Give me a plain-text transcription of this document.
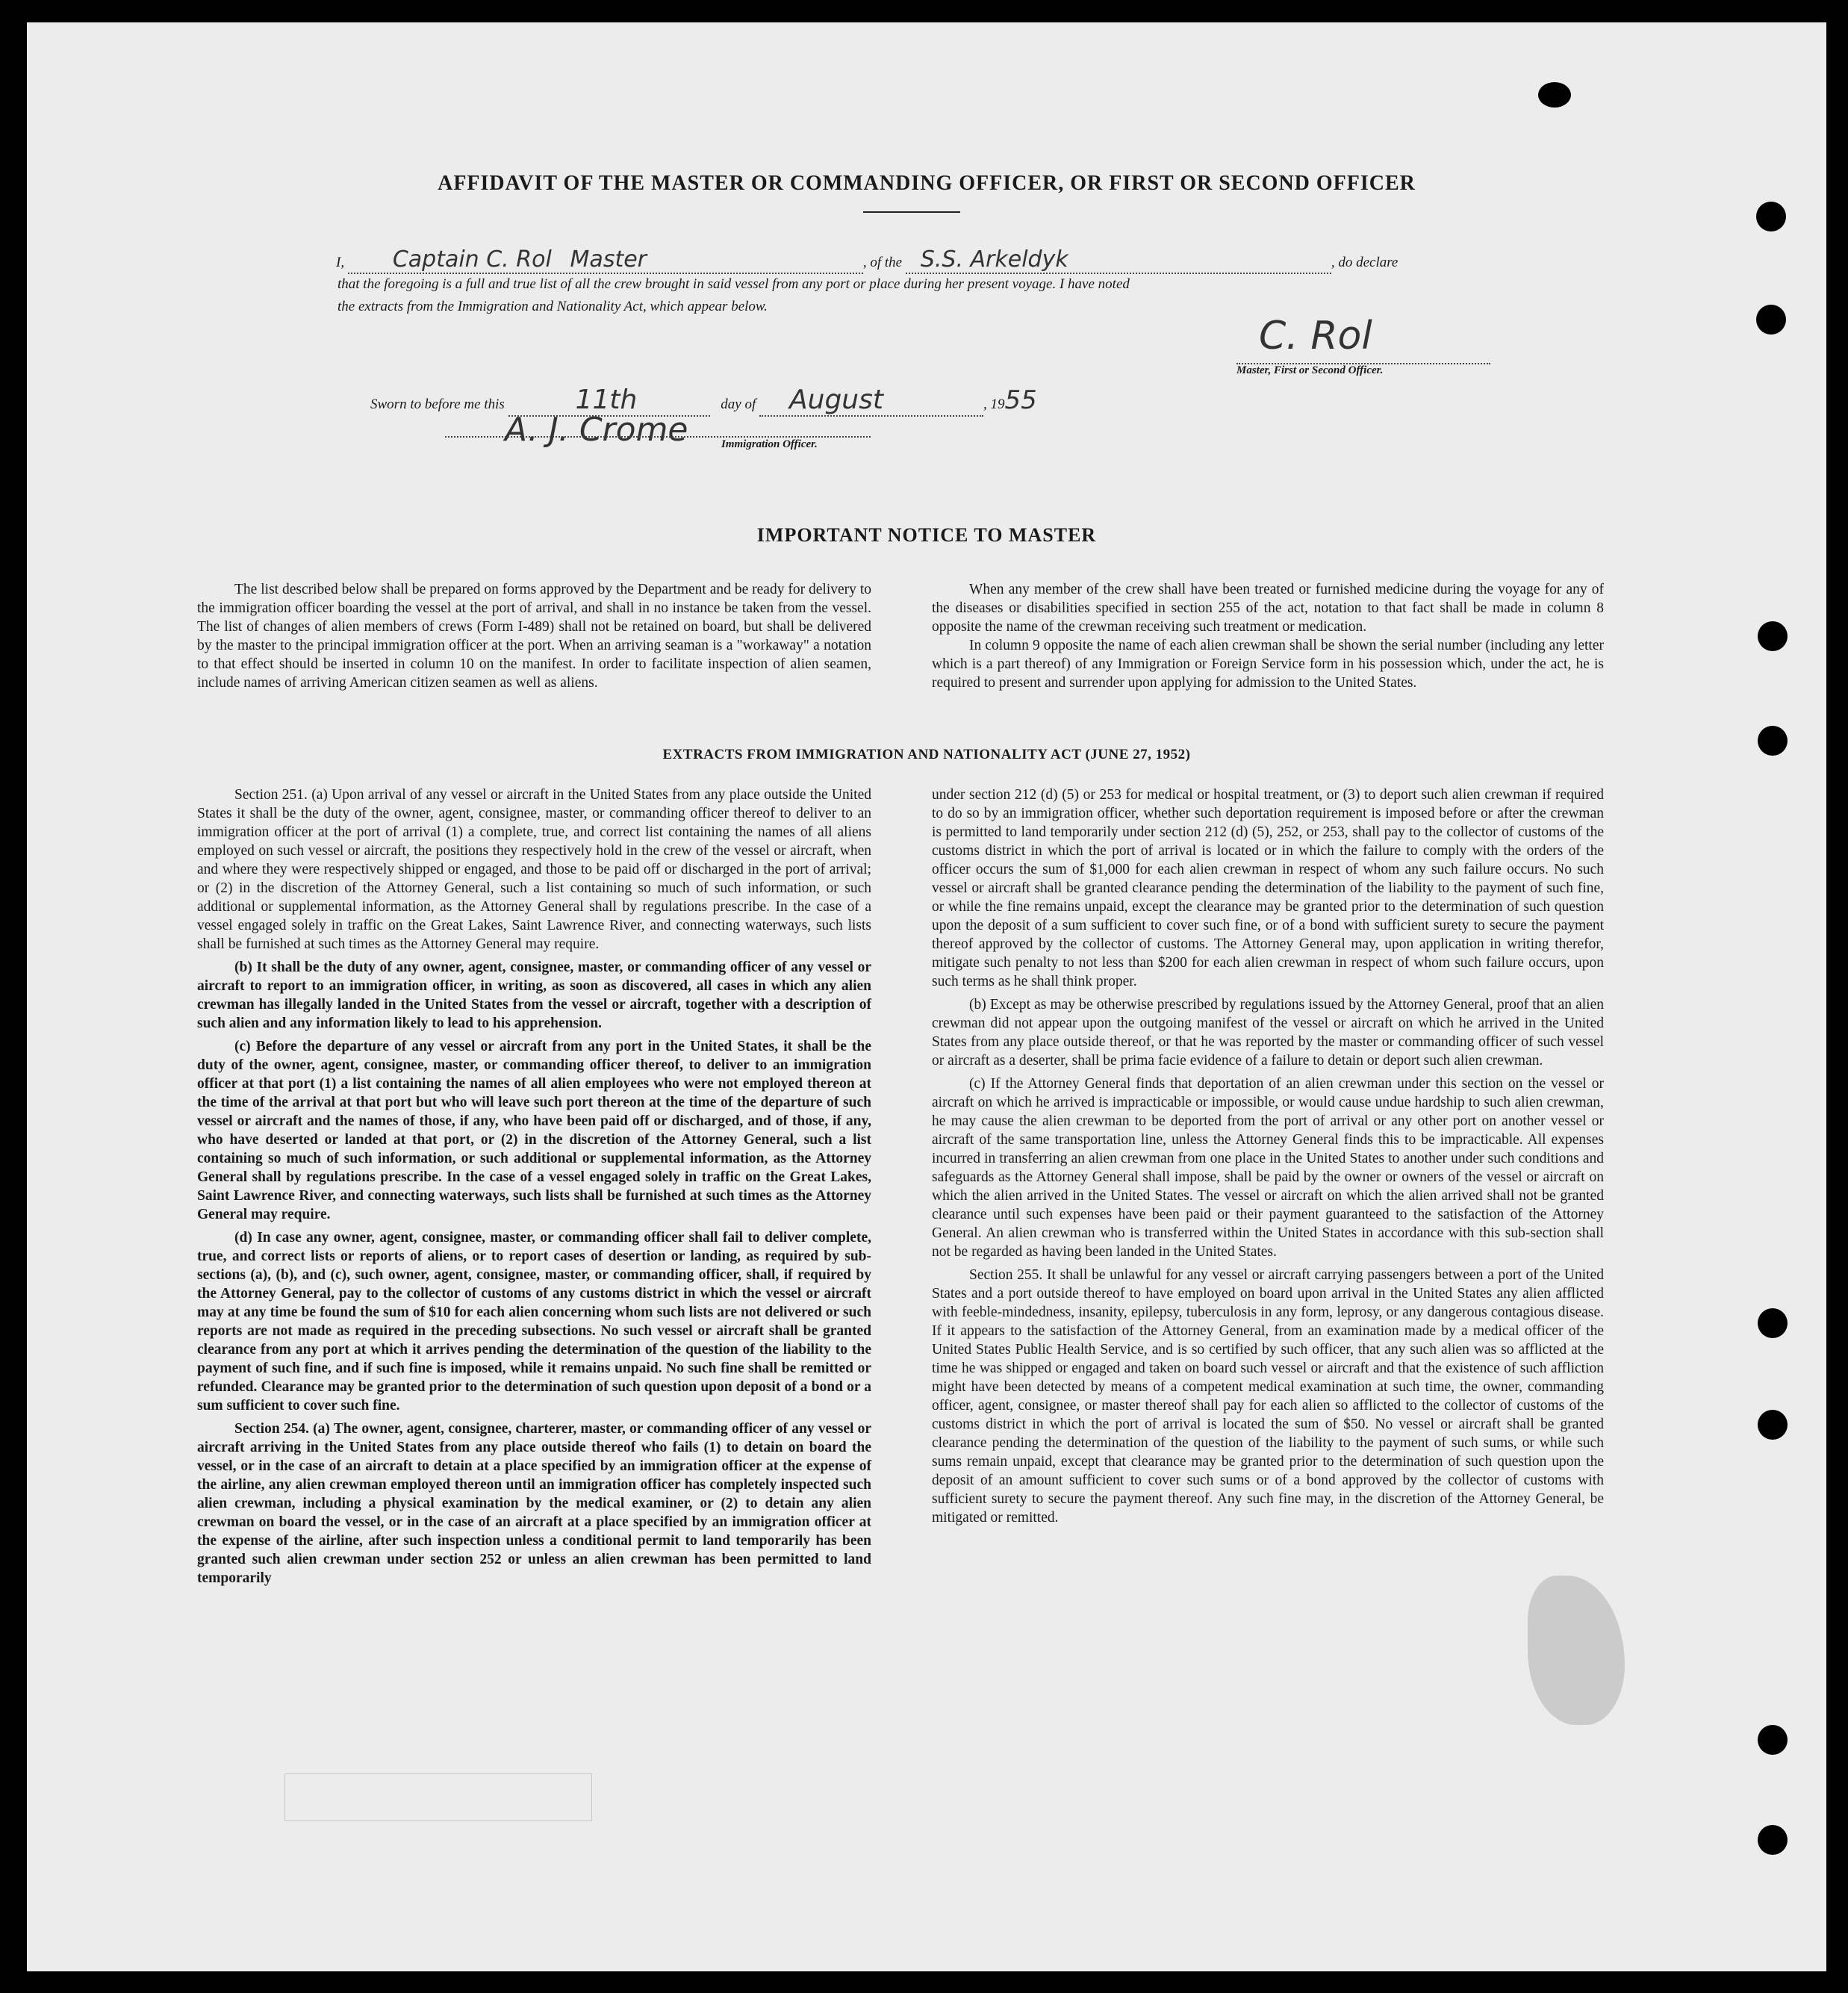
AFFIDAVIT OF THE MASTER OR COMMANDING OFFICER, OR FIRST OR SECOND OFFICER
I, Captain C. Rol Master	, of the S.S. Arkeldyk	, do declare
that the foregoing is a full and true list of all the crew brought in said vessel from any port or place during her present voyage. I have noted
the extracts from the Immigration and Nationality Act, which appear below.
C. Rol
Master, First or Second Officer.
Sworn to before me this	11th	day of August	, 1955
A. J. Crome	Immigration Officer.
IMPORTANT NOTICE TO MASTER

The list described below shall be prepared on forms approved by the Department and be ready for delivery to the immigration officer boarding the vessel at the port of arrival, and shall in no instance be taken from the vessel. The list of changes of alien members of crews (Form I-489) shall not be retained on board, but shall be delivered by the master to the principal immigration officer at the port. When an arriving seaman is a "workaway" a notation to that effect should be inserted in column 10 on the manifest. In order to facilitate inspection of alien seamen, include names of arriving American citizen seamen as well as aliens.

When any member of the crew shall have been treated or furnished medicine during the voyage for any of the diseases or disabilities specified in section 255 of the act, notation to that fact shall be made in column 8 opposite the name of the crewman receiving such treatment or medication.

In column 9 opposite the name of each alien crewman shall be shown the serial number (including any letter which is a part thereof) of any Immigration or Foreign Service form in his possession which, under the act, he is required to present and surrender upon applying for admission to the United States.

EXTRACTS FROM IMMIGRATION AND NATIONALITY ACT (JUNE 27, 1952)

Section 251. (a) Upon arrival of any vessel or aircraft in the United States from any place outside the United States it shall be the duty of the owner, agent, consignee, master, or commanding officer thereof to deliver to an immigration officer at the port of arrival (1) a complete, true, and correct list containing the names of all aliens employed on such vessel or aircraft, the positions they respectively hold in the crew of the vessel or aircraft, when and where they were respectively shipped or engaged, and those to be paid off or discharged in the port of arrival; or (2) in the discretion of the Attorney General, such a list containing so much of such information, or such additional or supplemental information, as the Attorney General shall by regulations prescribe. In the case of a vessel engaged solely in traffic on the Great Lakes, Saint Lawrence River, and connecting waterways, such lists shall be furnished at such times as the Attorney General may require.

(b) It shall be the duty of any owner, agent, consignee, master, or commanding officer of any vessel or aircraft to report to an immigration officer, in writing, as soon as discovered, all cases in which any alien crewman has illegally landed in the United States from the vessel or aircraft, together with a description of such alien and any information likely to lead to his apprehension.

(c) Before the departure of any vessel or aircraft from any port in the United States, it shall be the duty of the owner, agent, consignee, master, or commanding officer thereof, to deliver to an immigration officer at that port (1) a list containing the names of all alien employees who were not employed thereon at the time of the arrival at that port but who will leave such port thereon at the time of the departure of such vessel or aircraft and the names of those, if any, who have been paid off or discharged, and of those, if any, who have deserted or landed at that port, or (2) in the discretion of the Attorney General, such a list containing so much of such information, or such additional or supplemental information, as the Attorney General shall by regulations prescribe. In the case of a vessel engaged solely in traffic on the Great Lakes, Saint Lawrence River, and connecting waterways, such lists shall be furnished at such times as the Attorney General may require.

(d) In case any owner, agent, consignee, master, or commanding officer shall fail to deliver complete, true, and correct lists or reports of aliens, or to report cases of desertion or landing, as required by sub-sections (a), (b), and (c), such owner, agent, consignee, master, or commanding officer, shall, if required by the Attorney General, pay to the collector of customs of any customs district in which the vessel or aircraft may at any time be found the sum of $10 for each alien concerning whom such lists are not delivered or such reports are not made as required in the preceding subsections. No such vessel or aircraft shall be granted clearance from any port at which it arrives pending the determination of the question of the liability to the payment of such fine, and if such fine is imposed, while it remains unpaid. No such fine shall be remitted or refunded. Clearance may be granted prior to the determination of such question upon deposit of a bond or a sum sufficient to cover such fine.

Section 254. (a) The owner, agent, consignee, charterer, master, or commanding officer of any vessel or aircraft arriving in the United States from any place outside thereof who fails (1) to detain on board the vessel, or in the case of an aircraft to detain at a place specified by an immigration officer at the expense of the airline, any alien crewman employed thereon until an immigration officer has completely inspected such alien crewman, including a physical examination by the medical examiner, or (2) to detain any alien crewman on board the vessel, or in the case of an aircraft at a place specified by an immigration officer at the expense of the airline, after such inspection unless a conditional permit to land temporarily has been granted such alien crewman under section 252 or unless an alien crewman has been permitted to land temporarily

under section 212 (d) (5) or 253 for medical or hospital treatment, or (3) to deport such alien crewman if required to do so by an immigration officer, whether such deportation requirement is imposed before or after the crewman is permitted to land temporarily under section 212 (d) (5), 252, or 253, shall pay to the collector of customs of the customs district in which the port of arrival is located or in which the failure to comply with the orders of the officer occurs the sum of $1,000 for each alien crewman in respect of whom any such failure occurs. No such vessel or aircraft shall be granted clearance pending the determination of the liability to the payment of such fine, or while the fine remains unpaid, except the clearance may be granted prior to the determination of such question upon the deposit of a sum sufficient to cover such fine, or of a bond with sufficient surety to secure the payment thereof approved by the collector of customs. The Attorney General may, upon application in writing therefor, mitigate such penalty to not less than $200 for each alien crewman in respect of whom such failure occurs, upon such terms as he shall think proper.

(b) Except as may be otherwise prescribed by regulations issued by the Attorney General, proof that an alien crewman did not appear upon the outgoing manifest of the vessel or aircraft on which he arrived in the United States from any place outside thereof, or that he was reported by the master or commanding officer of such vessel or aircraft as a deserter, shall be prima facie evidence of a failure to detain or deport such alien crewman.

(c) If the Attorney General finds that deportation of an alien crewman under this section on the vessel or aircraft on which he arrived is impracticable or impossible, or would cause undue hardship to such alien crewman, he may cause the alien crewman to be deported from the port of arrival or any other port on another vessel or aircraft of the same transportation line, unless the Attorney General finds this to be impracticable. All expenses incurred in transferring an alien crewman from one place in the United States to another under such conditions and safeguards as the Attorney General shall impose, shall be paid by the owner or owners of the vessel or aircraft on which the alien arrived in the United States. The vessel or aircraft on which the alien arrived shall not be granted clearance until such expenses have been paid or their payment guaranteed to the satisfaction of the Attorney General. An alien crewman who is transferred within the United States in accordance with this sub-section shall not be regarded as having been landed in the United States.

Section 255. It shall be unlawful for any vessel or aircraft carrying passengers between a port of the United States and a port outside thereof to have employed on board upon arrival in the United States any alien afflicted with feeble-mindedness, insanity, epilepsy, tuberculosis in any form, leprosy, or any dangerous contagious disease. If it appears to the satisfaction of the Attorney General, from an examination made by a medical officer of the United States Public Health Service, and is so certified by such officer, that any such alien was so afflicted at the time he was shipped or engaged and taken on board such vessel or aircraft and that the existence of such affliction might have been detected by means of a competent medical examination at such time, the owner, commanding officer, agent, consignee, or master thereof shall pay for each alien so afflicted to the collector of customs of the customs district in which the port of arrival is located the sum of $50. No vessel or aircraft shall be granted clearance pending the determination of the question of the liability to the payment of such sums, or while such sums remain unpaid, except that clearance may be granted prior to the determination of such question upon the deposit of an amount sufficient to cover such sums or of a bond approved by the collector of customs with sufficient surety to secure the payment thereof. Any such fine may, in the discretion of the Attorney General, be mitigated or remitted.
